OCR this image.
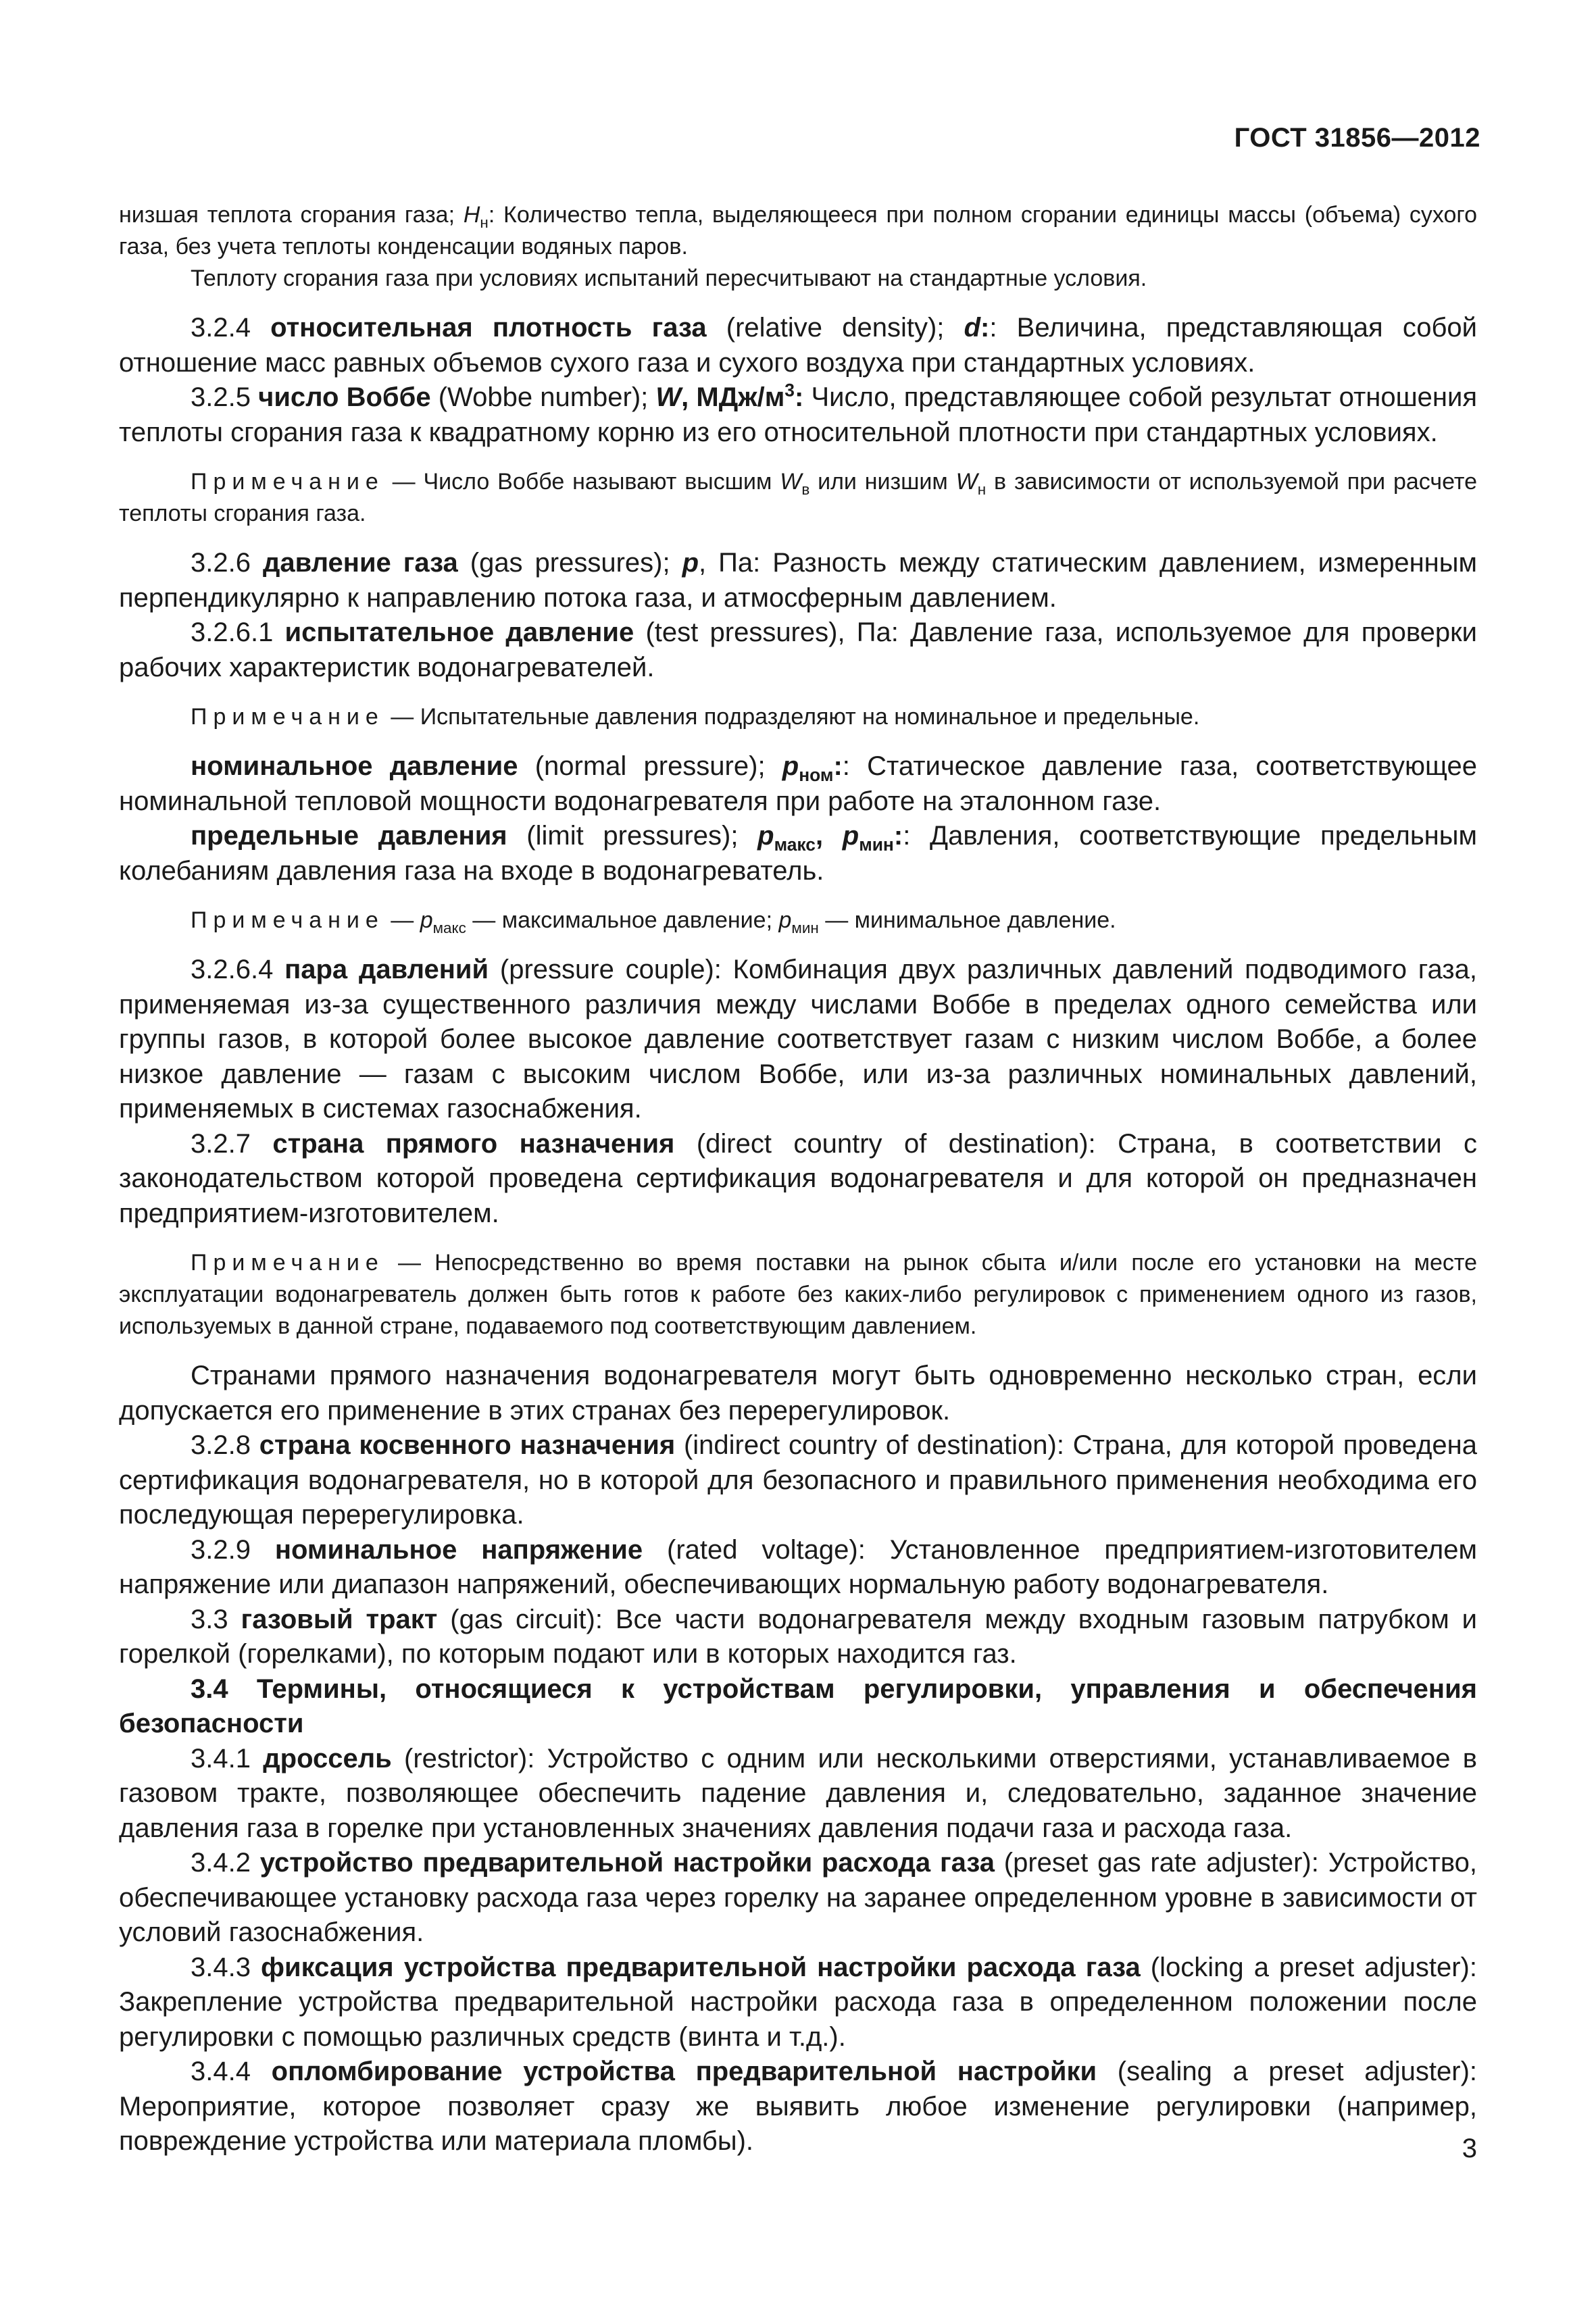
ГОСТ 31856—2012

низшая теплота сгорания газа; $H_н$: Количество тепла, выделяющееся при полном сгорании единицы массы (объема) сухого газа, без учета теплоты конденсации водяных паров.

Теплоту сгорания газа при условиях испытаний пересчитывают на стандартные условия.

3.2.4 относительная плотность газа (relative density); d:: Величина, представляющая собой отношение масс равных объемов сухого газа и сухого воздуха при стандартных условиях.

3.2.5 число Воббе (Wobbe number); W, МДж/$м^3$: Число, представляющее собой результат отношения теплоты сгорания газа к квадратному корню из его относительной плотности при стандартных условиях.

Примечание — Число Воббе называют высшим $W_в$ или низшим $W_н$ в зависимости от используемой при расчете теплоты сгорания газа.

3.2.6 давление газа (gas pressures); p, Па: Разность между статическим давлением, измеренным перпендикулярно к направлению потока газа, и атмосферным давлением.

3.2.6.1 испытательное давление (test pressures), Па: Давление газа, используемое для проверки рабочих характеристик водонагревателей.

Примечание — Испытательные давления подразделяют на номинальное и предельные.

номинальное давление (normal pressure); $p_{ном}$:: Статическое давление газа, соответствующее номинальной тепловой мощности водонагревателя при работе на эталонном газе.

предельные давления (limit pressures); $p_{макс}$, $p_{мин}$:: Давления, соответствующие предельным колебаниям давления газа на входе в водонагреватель.

Примечание — $p_{макс}$ — максимальное давление; $p_{мин}$ — минимальное давление.

3.2.6.4 пара давлений (pressure couple): Комбинация двух различных давлений подводимого газа, применяемая из-за существенного различия между числами Воббе в пределах одного семейства или группы газов, в которой более высокое давление соответствует газам с низким числом Воббе, а более низкое давление — газам с высоким числом Воббе, или из-за различных номинальных давлений, применяемых в системах газоснабжения.

3.2.7 страна прямого назначения (direct country of destination): Страна, в соответствии с законодательством которой проведена сертификация водонагревателя и для которой он предназначен предприятием-изготовителем.

Примечание — Непосредственно во время поставки на рынок сбыта и/или после его установки на месте эксплуатации водонагреватель должен быть готов к работе без каких-либо регулировок с применением одного из газов, используемых в данной стране, подаваемого под соответствующим давлением.

Странами прямого назначения водонагревателя могут быть одновременно несколько стран, если допускается его применение в этих странах без перерегулировок.

3.2.8 страна косвенного назначения (indirect country of destination): Страна, для которой проведена сертификация водонагревателя, но в которой для безопасного и правильного применения необходима его последующая перерегулировка.

3.2.9 номинальное напряжение (rated voltage): Установленное предприятием-изготовителем напряжение или диапазон напряжений, обеспечивающих нормальную работу водонагревателя.

3.3 газовый тракт (gas circuit): Все части водонагревателя между входным газовым патрубком и горелкой (горелками), по которым подают или в которых находится газ.

3.4 Термины, относящиеся к устройствам регулировки, управления и обеспечения безопасности

3.4.1 дроссель (restrictor): Устройство с одним или несколькими отверстиями, устанавливаемое в газовом тракте, позволяющее обеспечить падение давления и, следовательно, заданное значение давления газа в горелке при установленных значениях давления подачи газа и расхода газа.

3.4.2 устройство предварительной настройки расхода газа (preset gas rate adjuster): Устройство, обеспечивающее установку расхода газа через горелку на заранее определенном уровне в зависимости от условий газоснабжения.

3.4.3 фиксация устройства предварительной настройки расхода газа (locking a preset adjuster): Закрепление устройства предварительной настройки расхода газа в определенном положении после регулировки с помощью различных средств (винта и т.д.).

3.4.4 опломбирование устройства предварительной настройки (sealing a preset adjuster): Мероприятие, которое позволяет сразу же выявить любое изменение регулировки (например, повреждение устройства или материала пломбы).	3
